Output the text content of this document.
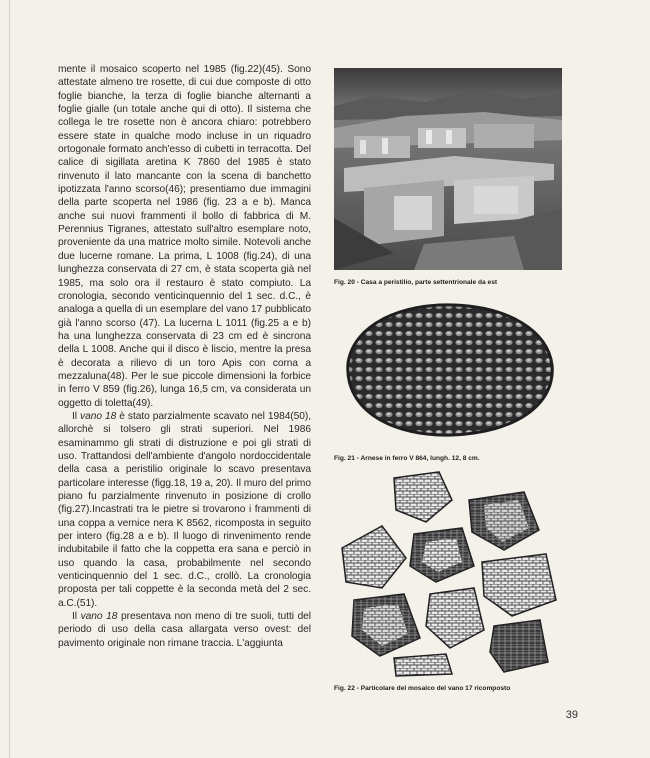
mente il mosaico scoperto nel 1985 (fig.22)(45). Sono attestate almeno tre rosette, di cui due composte di otto foglie bianche, la terza di foglie bianche alternanti a foglie gialle (un totale anche qui di otto). Il sistema che collega le tre rosette non è ancora chiaro: potrebbero essere state in qualche modo incluse in un riquadro ortogonale formato anch'esso di cubetti in terracotta. Del calice di sigillata aretina K 7860 del 1985 è stato rinvenuto il lato mancante con la scena di banchetto ipotizzata l'anno scorso(46); presentiamo due immagini della parte scoperta nel 1986 (fig. 23 a e b). Manca anche sui nuovi frammenti il bollo di fabbrica di M. Perennius Tigranes, attestato sull'altro esemplare noto, proveniente da una matrice molto simile. Notevoli anche due lucerne romane. La prima, L 1008 (fig.24), di una lunghezza conservata di 27 cm, è stata scoperta già nel 1985, ma solo ora il restauro è stato compiuto. La cronologia, secondo venticinquennio del 1 sec. d.C., è analoga a quella di un esemplare del vano 17 pubblicato già l'anno scorso (47). La lucerna L 1011 (fig.25 a e b) ha una lunghezza conservata di 23 cm ed è sincrona della L 1008. Anche qui il disco è liscio, mentre la presa è decorata a rilievo di un toro Apis con corna a mezzaluna(48). Per le sue piccole dimensioni la forbice in ferro V 859 (fig.26), lunga 16,5 cm, va considerata un oggetto di toletta(49).

Il vano 18 è stato parzialmente scavato nel 1984(50), allorchè si tolsero gli strati superiori. Nel 1986 esaminammo gli strati di distruzione e poi gli strati di uso. Trattandosi dell'ambiente d'angolo nordoccidentale della casa a peristilio originale lo scavo presentava particolare interesse (figg.18, 19 a, 20). Il muro del primo piano fu parzialmente rinvenuto in posizione di crollo (fig.27).Incastrati tra le pietre si trovarono i frammenti di una coppa a vernice nera K 8562, ricomposta in seguito per intero (fig.28 a e b). Il luogo di rinvenimento rende indubitabile il fatto che la coppetta era sana e perciò in uso quando la casa, probabilmente nel secondo venticinquennio del 1 sec. d.C., crollò. La cronologia proposta per tali coppette è la seconda metà del 2 sec. a.C.(51).

Il vano 18 presentava non meno di tre suoli, tutti del periodo di uso della casa allargata verso ovest: del pavimento originale non rimane traccia. L'aggiunta

Fig. 20 - Casa a peristilio, parte settentrionale da est
Fig. 21 - Arnese in ferro V 864, lungh. 12, 8 cm.
Fig. 22 - Particolare del mosaico del vano 17 ricomposto
39
